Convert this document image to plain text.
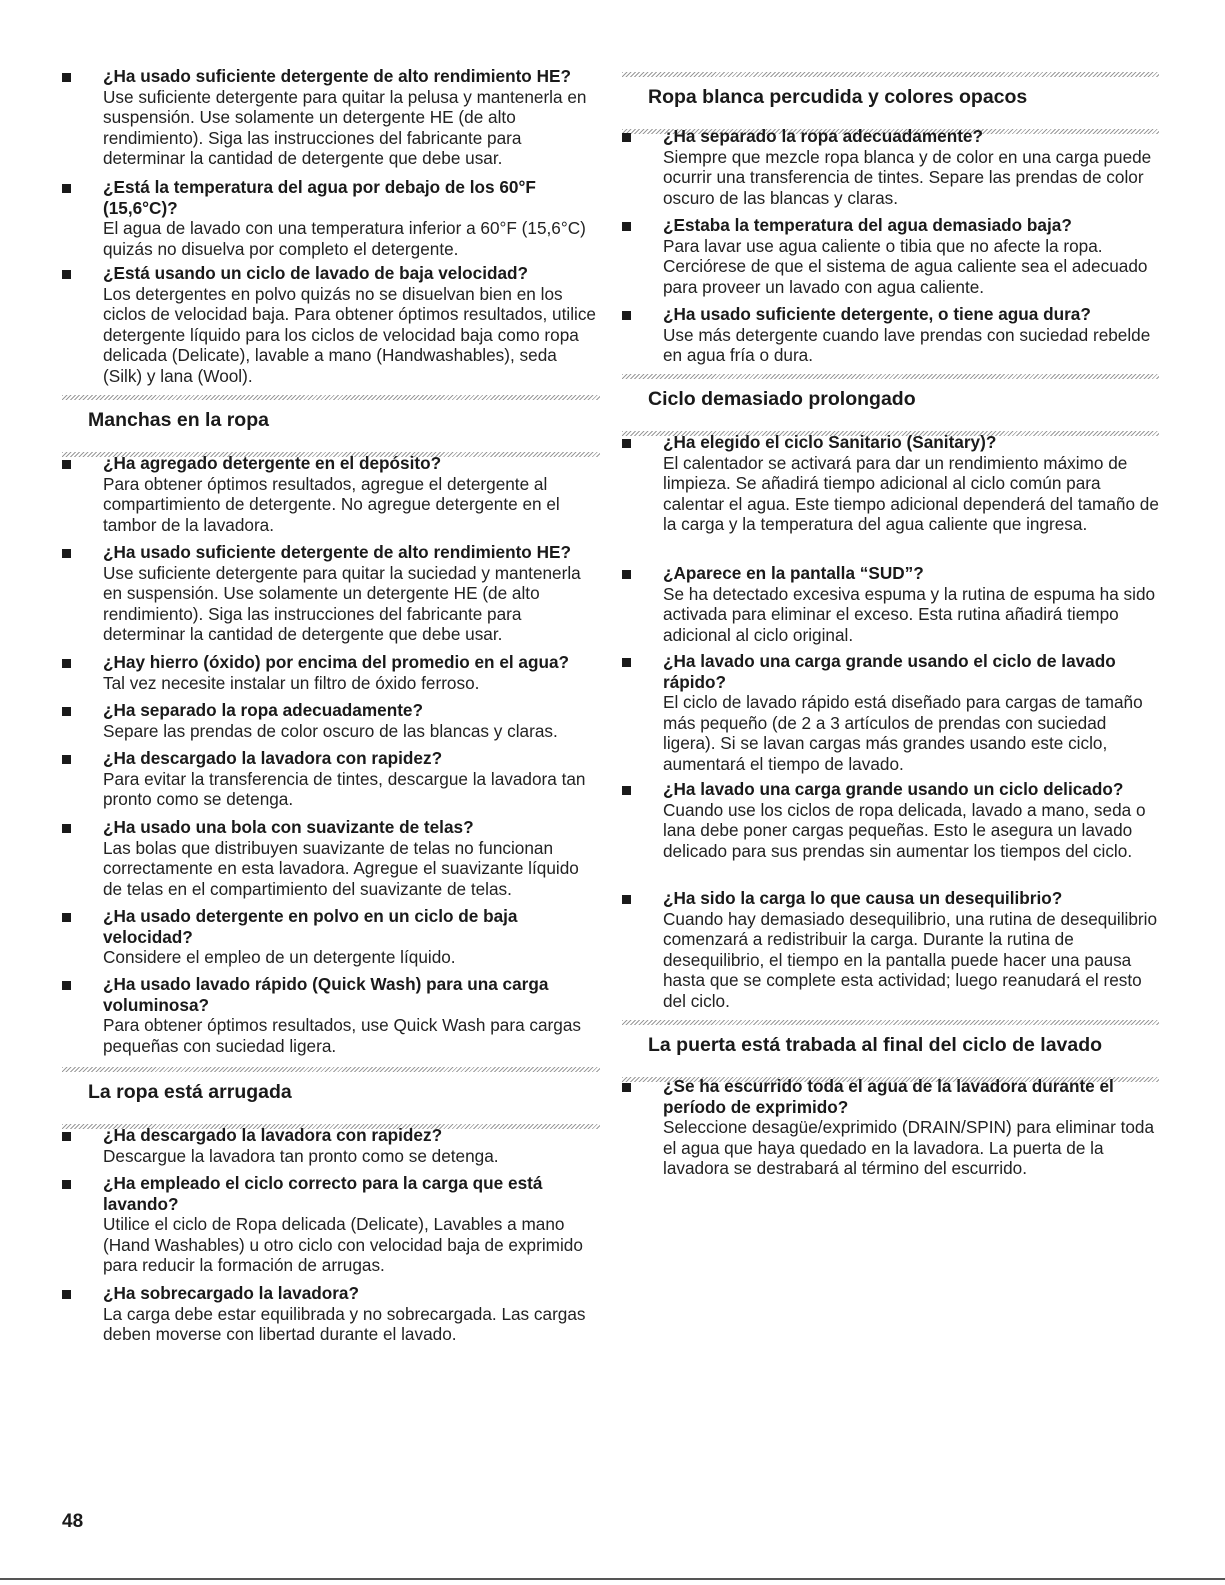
¿Ha usado suficiente detergente de alto rendimiento HE?

Use suficiente detergente para quitar la pelusa y mantenerla en suspensión. Use solamente un detergente HE (de alto rendimiento). Siga las instrucciones del fabricante para determinar la cantidad de detergente que debe usar.

¿Está la temperatura del agua por debajo de los 60°F (15,6°C)?

El agua de lavado con una temperatura inferior a 60°F (15,6°C) quizás no disuelva por completo el detergente.

¿Está usando un ciclo de lavado de baja velocidad?

Los detergentes en polvo quizás no se disuelvan bien en los ciclos de velocidad baja. Para obtener óptimos resultados, utilice detergente líquido para los ciclos de velocidad baja como ropa delicada (Delicate), lavable a mano (Handwashables), seda (Silk) y lana (Wool).

Manchas en la ropa

¿Ha agregado detergente en el depósito?

Para obtener óptimos resultados, agregue el detergente al compartimiento de detergente. No agregue detergente en el tambor de la lavadora.

¿Ha usado suficiente detergente de alto rendimiento HE?

Use suficiente detergente para quitar la suciedad y mantenerla en suspensión. Use solamente un detergente HE (de alto rendimiento). Siga las instrucciones del fabricante para determinar la cantidad de detergente que debe usar.

¿Hay hierro (óxido) por encima del promedio en el agua?

Tal vez necesite instalar un filtro de óxido ferroso.

¿Ha separado la ropa adecuadamente?

Separe las prendas de color oscuro de las blancas y claras.

¿Ha descargado la lavadora con rapidez?

Para evitar la transferencia de tintes, descargue la lavadora tan pronto como se detenga.

¿Ha usado una bola con suavizante de telas?

Las bolas que distribuyen suavizante de telas no funcionan correctamente en esta lavadora. Agregue el suavizante líquido de telas en el compartimiento del suavizante de telas.

¿Ha usado detergente en polvo en un ciclo de baja velocidad?

Considere el empleo de un detergente líquido.

¿Ha usado lavado rápido (Quick Wash) para una carga voluminosa?

Para obtener óptimos resultados, use Quick Wash para cargas pequeñas con suciedad ligera.

La ropa está arrugada

¿Ha descargado la lavadora con rapidez?

Descargue la lavadora tan pronto como se detenga.

¿Ha empleado el ciclo correcto para la carga que está lavando?

Utilice el ciclo de Ropa delicada (Delicate), Lavables a mano (Hand Washables) u otro ciclo con velocidad baja de exprimido para reducir la formación de arrugas.

¿Ha sobrecargado la lavadora?

La carga debe estar equilibrada y no sobrecargada. Las cargas deben moverse con libertad durante el lavado.

Ropa blanca percudida y colores opacos

¿Ha separado la ropa adecuadamente?

Siempre que mezcle ropa blanca y de color en una carga puede ocurrir una transferencia de tintes. Separe las prendas de color oscuro de las blancas y claras.

¿Estaba la temperatura del agua demasiado baja?

Para lavar use agua caliente o tibia que no afecte la ropa. Cerciórese de que el sistema de agua caliente sea el adecuado para proveer un lavado con agua caliente.

¿Ha usado suficiente detergente, o tiene agua dura?

Use más detergente cuando lave prendas con suciedad rebelde en agua fría o dura.

Ciclo demasiado prolongado

¿Ha elegido el ciclo Sanitario (Sanitary)?

El calentador se activará para dar un rendimiento máximo de limpieza. Se añadirá tiempo adicional al ciclo común para calentar el agua. Este tiempo adicional dependerá del tamaño de la carga y la temperatura del agua caliente que ingresa.

¿Aparece en la pantalla “SUD”?

Se ha detectado excesiva espuma y la rutina de espuma ha sido activada para eliminar el exceso. Esta rutina añadirá tiempo adicional al ciclo original.

¿Ha lavado una carga grande usando el ciclo de lavado rápido?

El ciclo de lavado rápido está diseñado para cargas de tamaño más pequeño (de 2 a 3 artículos de prendas con suciedad ligera). Si se lavan cargas más grandes usando este ciclo, aumentará el tiempo de lavado.

¿Ha lavado una carga grande usando un ciclo delicado?

Cuando use los ciclos de ropa delicada, lavado a mano, seda o lana debe poner cargas pequeñas. Esto le asegura un lavado delicado para sus prendas sin aumentar los tiempos del ciclo.

¿Ha sido la carga lo que causa un desequilibrio?

Cuando hay demasiado desequilibrio, una rutina de desequilibrio comenzará a redistribuir la carga. Durante la rutina de desequilibrio, el tiempo en la pantalla puede hacer una pausa hasta que se complete esta actividad; luego reanudará el resto del ciclo.

La puerta está trabada al final del ciclo de lavado

¿Se ha escurrido toda el agua de la lavadora durante el período de exprimido?

Seleccione desagüe/exprimido (DRAIN/SPIN) para eliminar toda el agua que haya quedado en la lavadora. La puerta de la lavadora se destrabará al término del escurrido.

48
